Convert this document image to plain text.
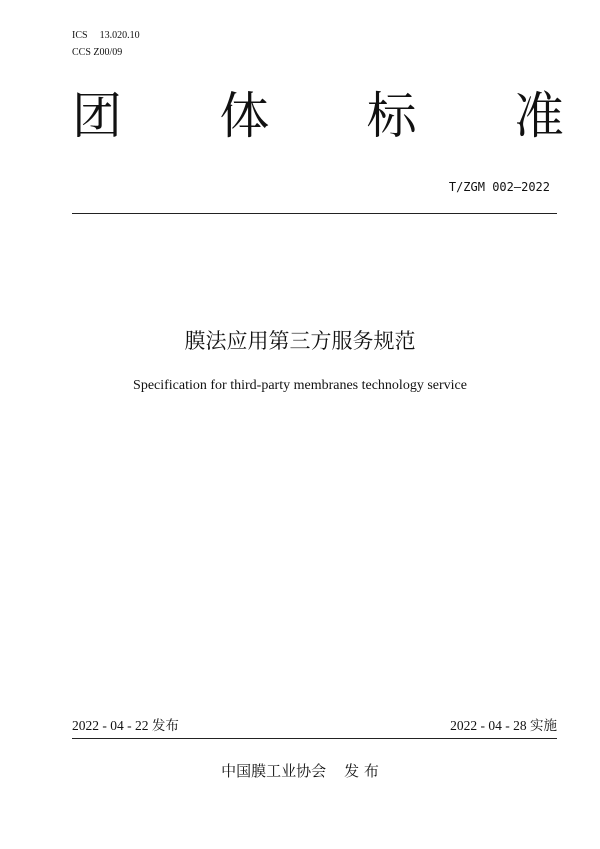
ICS 13.020.10
CCS Z00/09
团 体 标 准
T/ZGM 002—2022
膜法应用第三方服务规范
Specification for third-party membranes technology service
2022 - 04 - 22 发布	2022 - 04 - 28 实施
中国膜工业协会 发 布
